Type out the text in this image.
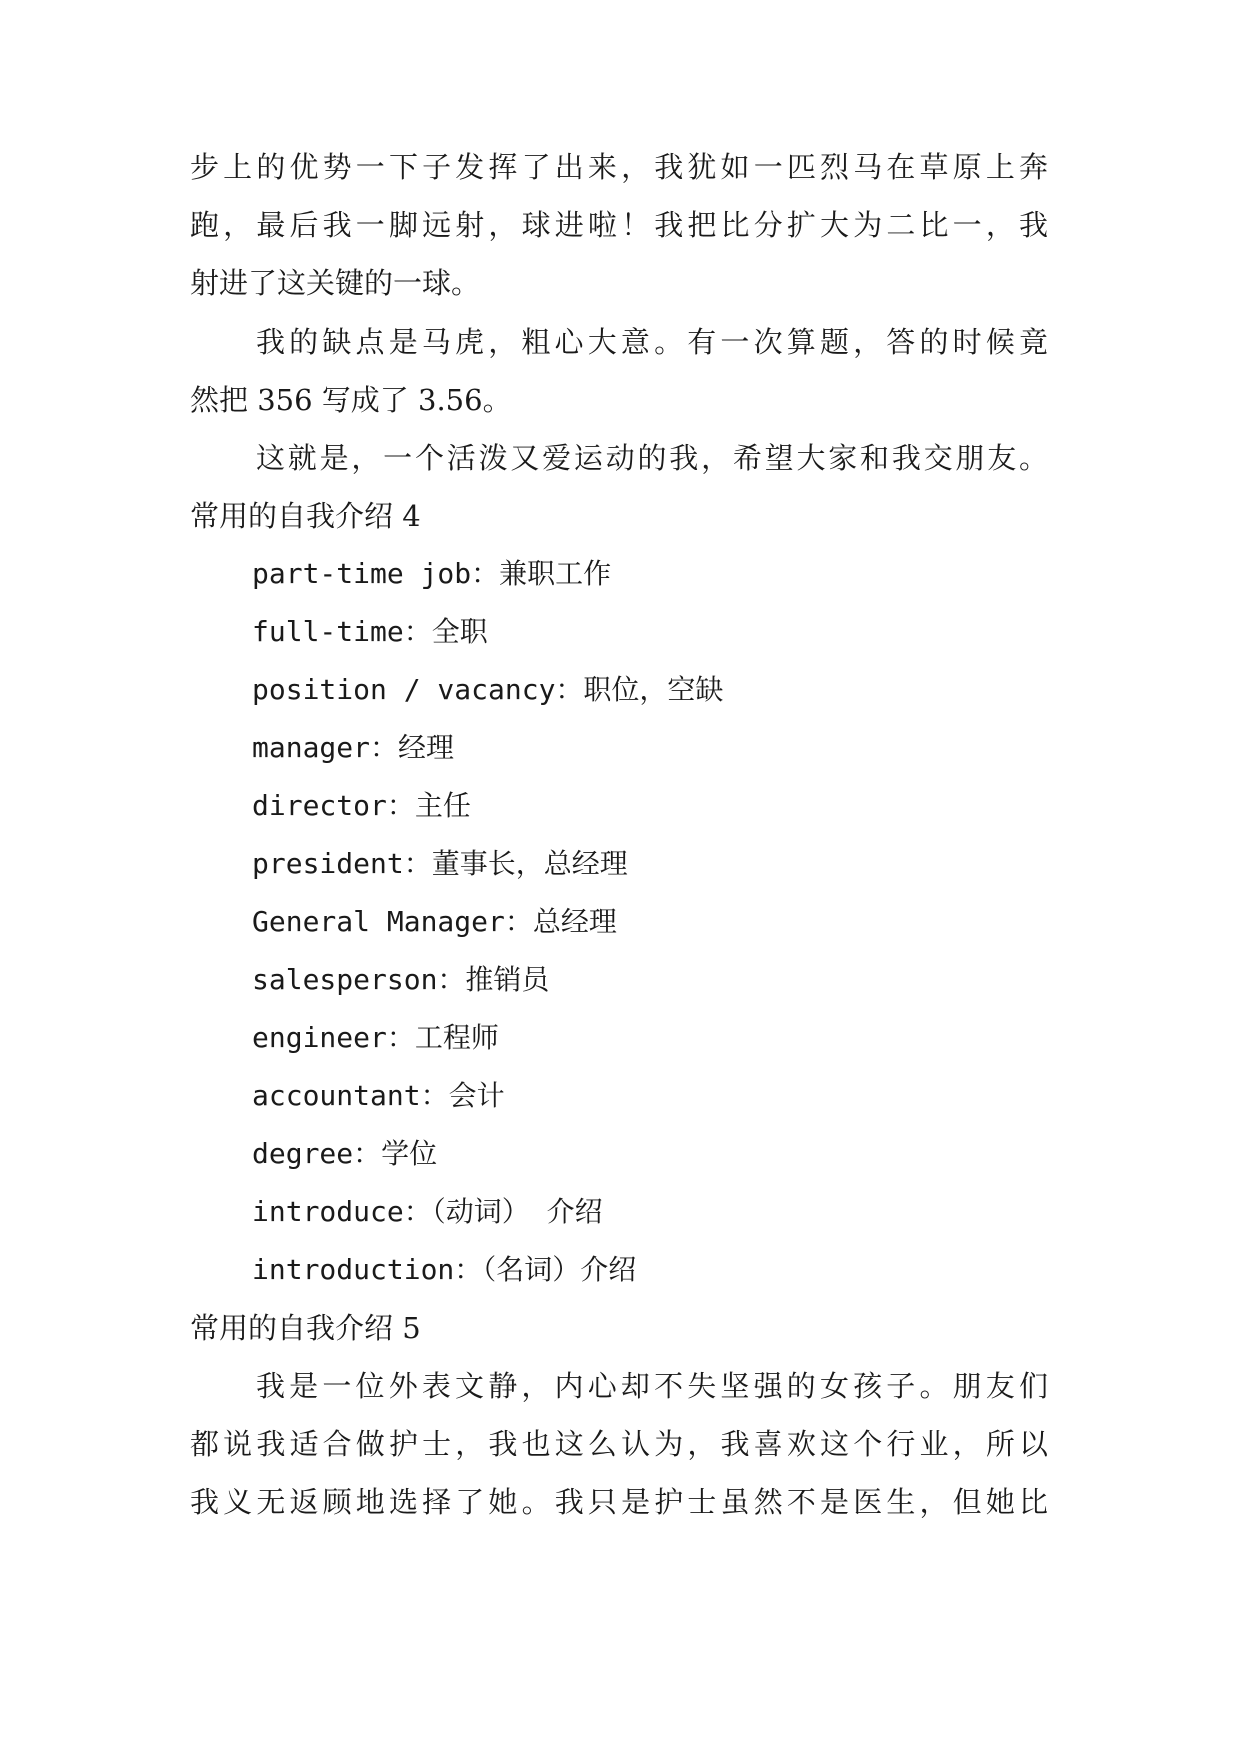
步上的优势一下子发挥了出来，我犹如一匹烈马在草原上奔
跑，最后我一脚远射，球进啦！我把比分扩大为二比一，我
射进了这关键的一球。
我的缺点是马虎，粗心大意。有一次算题，答的时候竟
然把 356 写成了 3.56。
这就是，一个活泼又爱运动的我，希望大家和我交朋友。
常用的自我介绍 4
part-time job：兼职工作
full-time：全职
position / vacancy：职位，空缺
manager：经理
director：主任
president：董事长，总经理
General Manager：总经理
salesperson：推销员
engineer：工程师
accountant：会计
degree：学位
introduce：（动词） 介绍
introduction：（名词）介绍
常用的自我介绍 5
我是一位外表文静，内心却不失坚强的女孩子。朋友们
都说我适合做护士，我也这么认为，我喜欢这个行业，所以
我义无返顾地选择了她。我只是护士虽然不是医生，但她比
